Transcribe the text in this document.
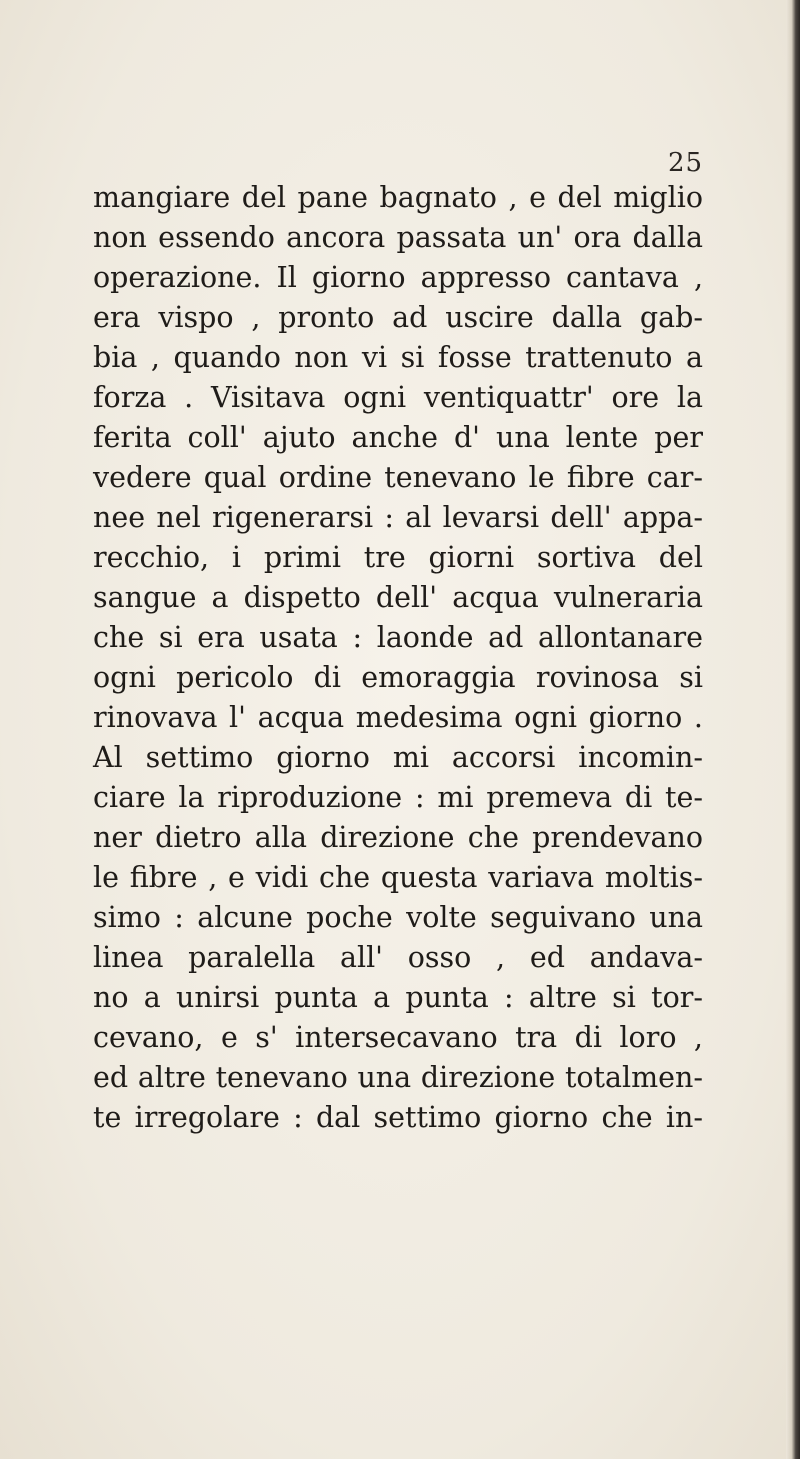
25
mangiare del pane bagnato , e del miglio
non essendo ancora passata un' ora dalla
operazione. Il giorno appresso cantava ,
era vispo , pronto ad uscire dalla gab-
bia , quando non vi si fosse trattenuto a
forza . Visitava ogni ventiquattr' ore la
ferita coll' ajuto anche d' una lente per
vedere qual ordine tenevano le fibre car-
nee nel rigenerarsi : al levarsi dell' appa-
recchio, i primi tre giorni sortiva del
sangue a dispetto dell' acqua vulneraria
che si era usata : laonde ad allontanare
ogni pericolo di emoraggia rovinosa si
rinovava l' acqua medesima ogni giorno .
Al settimo giorno mi accorsi incomin-
ciare la riproduzione : mi premeva di te-
ner dietro alla direzione che prendevano
le fibre , e vidi che questa variava moltis-
simo : alcune poche volte seguivano una
linea paralella all' osso , ed andava-
no a unirsi punta a punta : altre si tor-
cevano, e s' intersecavano tra di loro ,
ed altre tenevano una direzione totalmen-
te irregolare : dal settimo giorno che in-
